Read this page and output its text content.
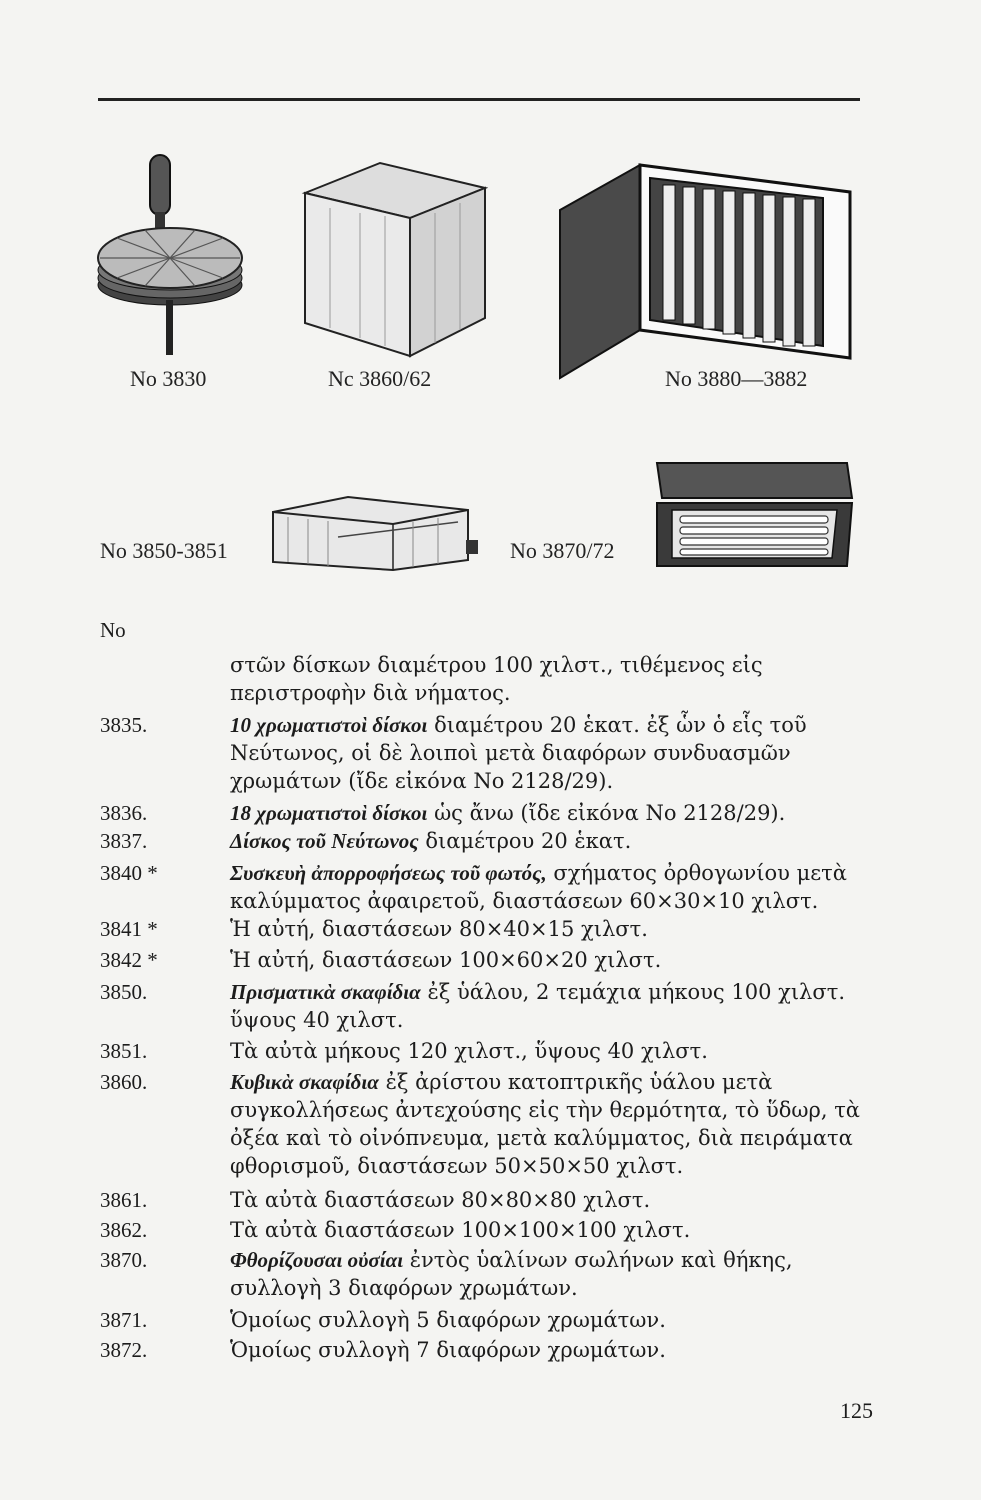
No 3830	Nc 3860/62	No 3880—3882
No 3850-3851	No 3870/72
No
στῶν δίσκων διαμέτρου 100 χιλστ., τιθέμενος εἰς περιστροφὴν διὰ νήματος.
3835.	10 χρωματιστοὶ δίσκοι διαμέτρου 20 ἑκατ. ἐξ ὧν ὁ εἷς τοῦ Νεύτωνος, οἱ δὲ λοιποὶ μετὰ διαφόρων συνδυασμῶν χρωμάτων (ἴδε εἰκόνα Νο 2128/29).
3836.	18 χρωματιστοὶ δίσκοι ὡς ἄνω (ἴδε εἰκόνα Νο 2128/29).
3837.	Δίσκος τοῦ Νεύτωνος διαμέτρου 20 ἑκατ.
3840 *	Συσκευὴ ἀπορροφήσεως τοῦ φωτός, σχήματος ὀρθογωνίου μετὰ καλύμματος ἀφαιρετοῦ, διαστάσεων 60×30×10 χιλστ.
3841 *	Ἡ αὐτή, διαστάσεων 80×40×15 χιλστ.
3842 *	Ἡ αὐτή, διαστάσεων 100×60×20 χιλστ.
3850.	Πρισματικὰ σκαφίδια ἐξ ὑάλου, 2 τεμάχια μήκους 100 χιλστ. ὕψους 40 χιλστ.
3851.	Τὰ αὐτὰ μήκους 120 χιλστ., ὕψους 40 χιλστ.
3860.	Κυβικὰ σκαφίδια ἐξ ἀρίστου κατοπτρικῆς ὑάλου μετὰ συγκολλήσεως ἀντεχούσης εἰς τὴν θερμότητα, τὸ ὕδωρ, τὰ ὀξέα καὶ τὸ οἰνόπνευμα, μετὰ καλύμματος, διὰ πειράματα φθορισμοῦ, διαστάσεων 50×50×50 χιλστ.
3861.	Τὰ αὐτὰ διαστάσεων 80×80×80 χιλστ.
3862.	Τὰ αὐτὰ διαστάσεων 100×100×100 χιλστ.
3870.	Φθορίζουσαι οὐσίαι ἐντὸς ὑαλίνων σωλήνων καὶ θήκης, συλλογὴ 3 διαφόρων χρωμάτων.
3871.	Ὁμοίως συλλογὴ 5 διαφόρων χρωμάτων.
3872.	Ὁμοίως συλλογὴ 7 διαφόρων χρωμάτων.
125
